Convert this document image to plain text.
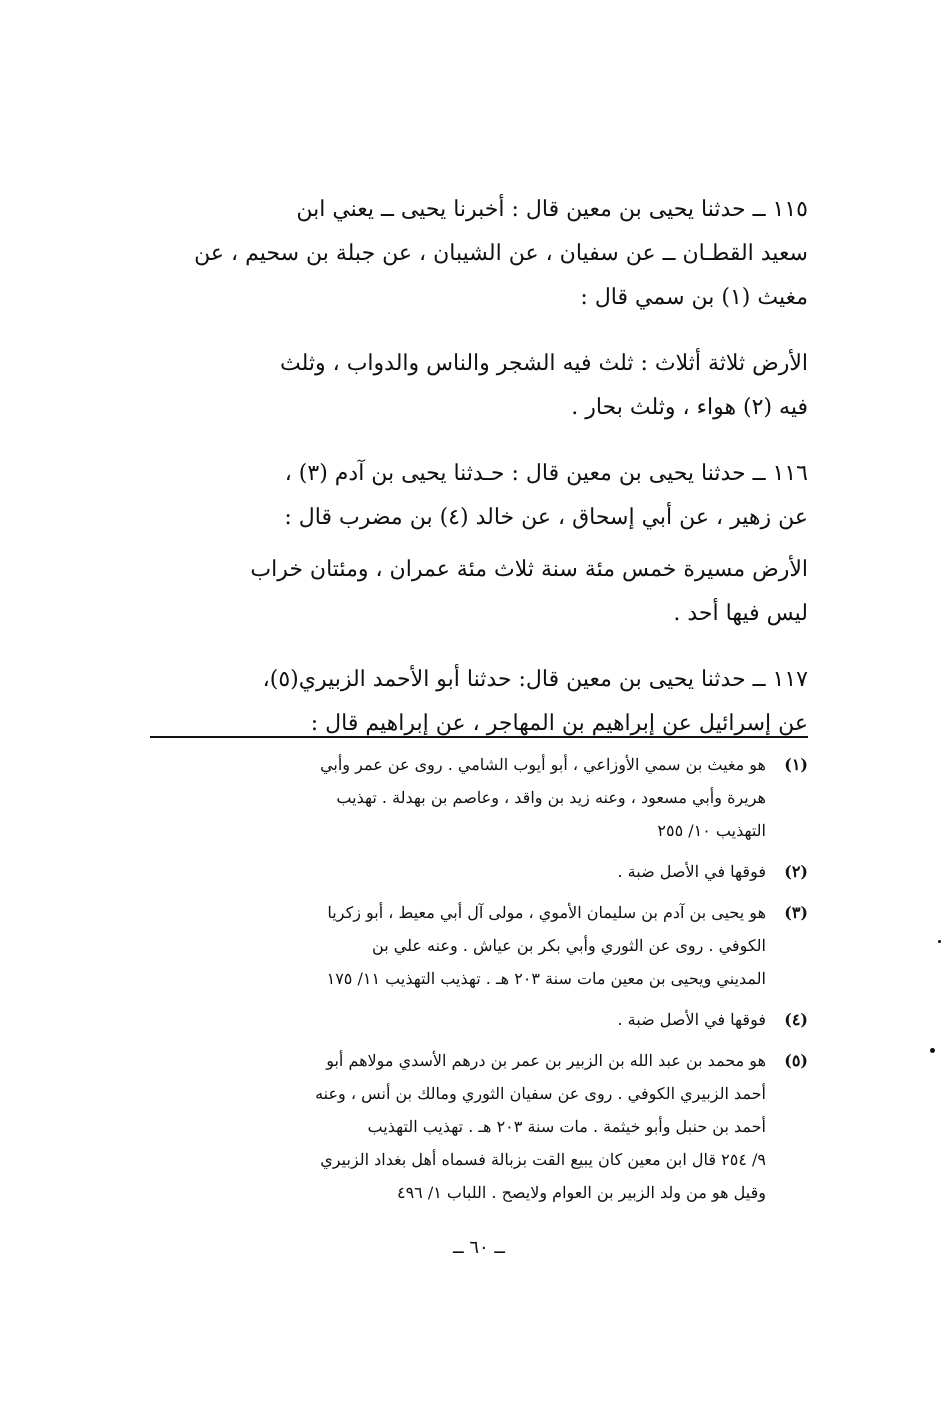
١١٥ ــ حدثنا يحيى بن معين قال : أخبرنا يحيى ــ يعني ابن
سعيد القطـان ــ عن سفيان ، عن الشيبان ، عن جبلة بن سحيم ، عن
مغيث (١) بن سمي قال :

الأرض ثلاثة أثلاث : ثلث فيه الشجر والناس والدواب ، وثلث
فيه (٢) هواء ، وثلث بحار .

١١٦ ــ حدثنا يحيى بن معين قال : حـدثنا يحيى بن آدم (٣) ،
عن زهير ، عن أبي إسحاق ، عن خالد (٤) بن مضرب قال :

الأرض مسيرة خمس مئة سنة ثلاث مئة عمران ، ومئتان خراب
ليس فيها أحد .

١١٧ ــ حدثنا يحيى بن معين قال: حدثنا أبو الأحمد الزبيري(٥)،
عن إسرائيل عن إبراهيم بن المهاجر ، عن إبراهيم قال :

(١)
هو مغيث بن سمي الأوزاعي ، أبو أيوب الشامي . روى عن عمر وأبي
هريرة وأبي مسعود ، وعنه زيد بن واقد ، وعاصم بن بهدلة . تهذيب
التهذيب ١٠/ ٢٥٥
(٢)
فوقها في الأصل ضبة .
(٣)
هو يحيى بن آدم بن سليمان الأموي ، مولى آل أبي معيط ، أبو زكريا
الكوفي . روى عن الثوري وأبي بكر بن عياش . وعنه علي بن
المديني ويحيى بن معين مات سنة ٢٠٣ هـ . تهذيب التهذيب ١١/ ١٧٥
(٤)
فوقها في الأصل ضبة .
(٥)
هو محمد بن عبد الله بن الزبير بن عمر بن درهم الأسدي مولاهم أبو
أحمد الزبيري الكوفي . روى عن سفيان الثوري ومالك بن أنس ، وعنه
أحمد بن حنبل وأبو خيثمة . مات سنة ٢٠٣ هـ . تهذيب التهذيب
٩/ ٢٥٤ قال ابن معين كان يبيع القت بزبالة فسماه أهل بغداد الزبيري
وقيل هو من ولد الزبير بن العوام ولايصح . اللباب ١/ ٤٩٦
ــ ٦٠ ــ
